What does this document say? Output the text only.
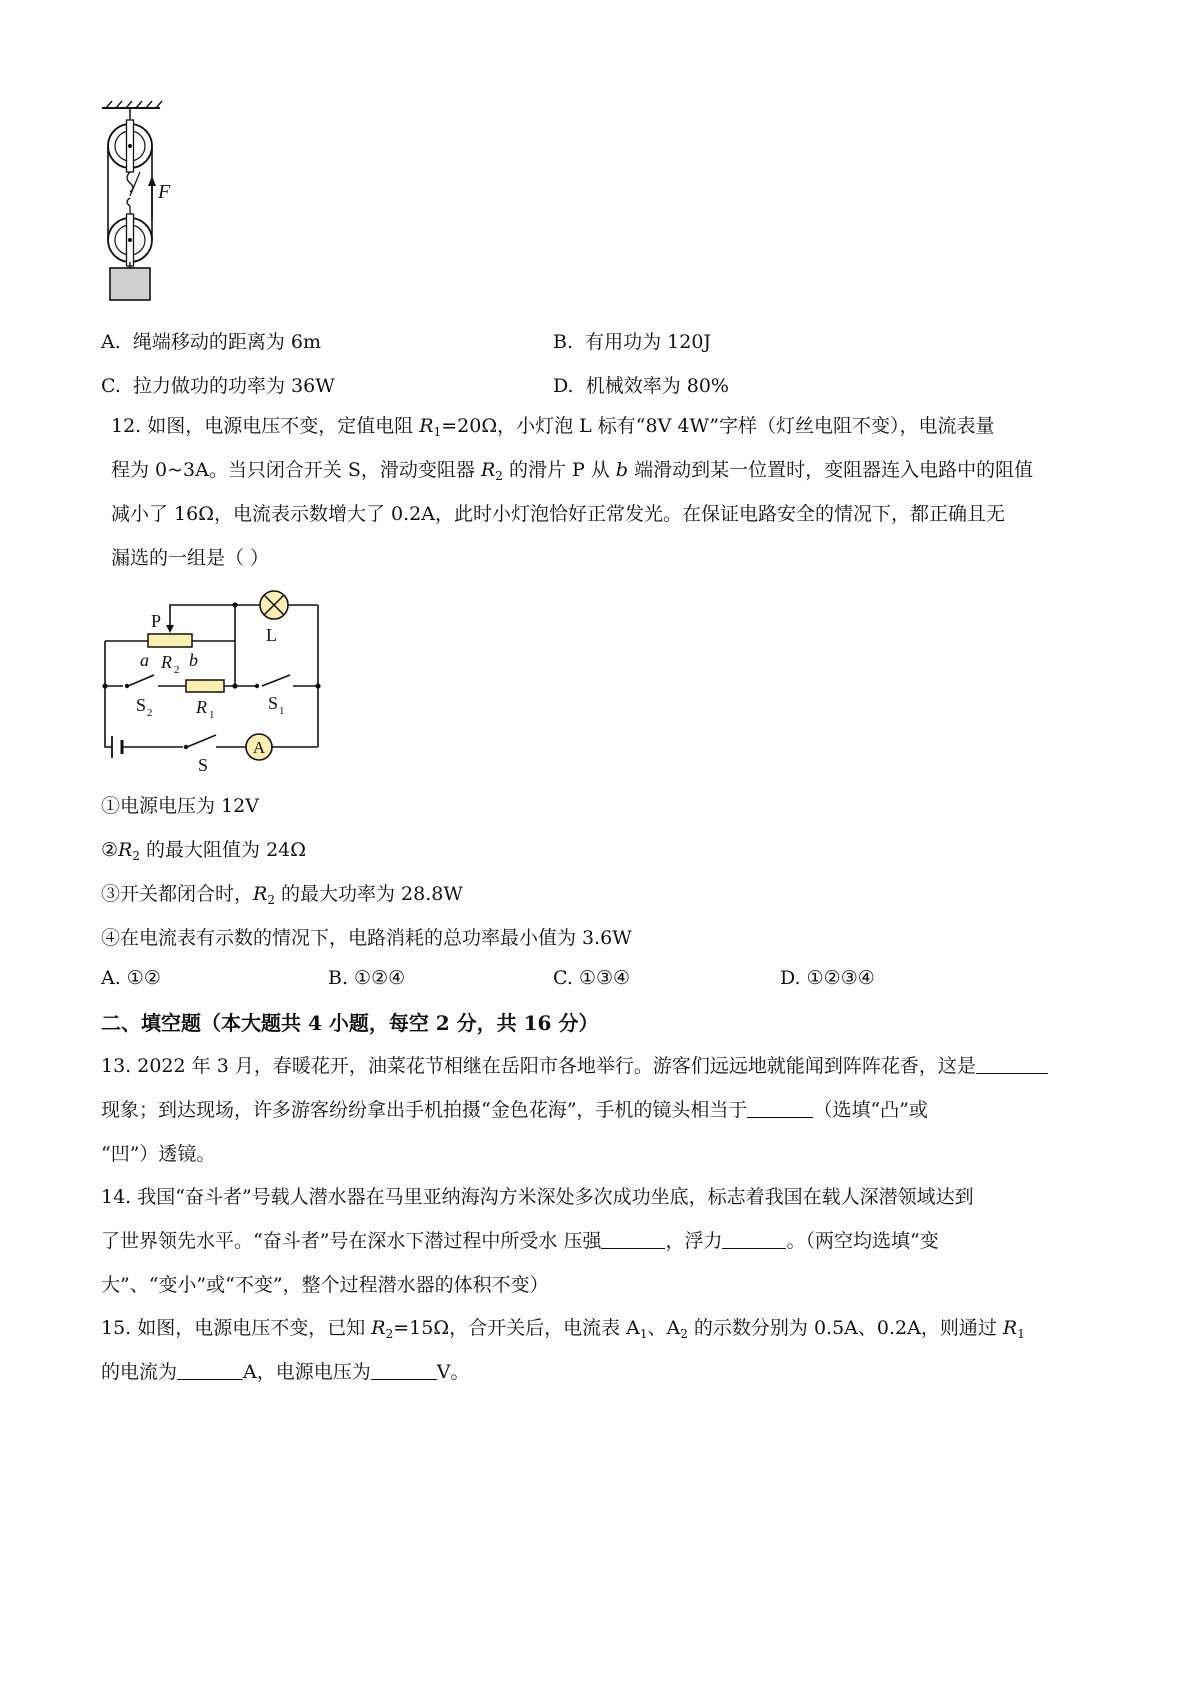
F
A. 绳端移动的距离为 6m	B. 有用功为 120J
C. 拉力做功的功率为 36W	D. 机械效率为 80%
12. 如图，电源电压不变，定值电阻 $R_1=20\Omega$，小灯泡 L 标有“8V 4W”字样（灯丝电阻不变），电流表量
程为 0~3A。当只闭合开关 S，滑动变阻器 $R_2$ 的滑片 P 从 b 端滑动到某一位置时，变阻器连入电路中的阻值
减小了 16Ω，电流表示数增大了 0.2A，此时小灯泡恰好正常发光。在保证电路安全的情况下，都正确且无
漏选的一组是（ ）
A
P
a b
R 2
L
S 2 R 1
S 1
S
①电源电压为 12V
$②R_2$ 的最大阻值为 24Ω
③开关都闭合时，$R_2$ 的最大功率为 28.8W
④在电流表有示数的情况下，电路消耗的总功率最小值为 3.6W
A. ①②	B. ①②④	C. ①③④	D. ①②③④
二、填空题（本大题共 4 小题，每空 2 分，共 16 分）
13. 2022 年 3 月，春暖花开，油菜花节相继在岳阳市各地举行。游客们远远地就能闻到阵阵花香，这是
现象；到达现场，许多游客纷纷拿出手机拍摄“金色花海”，手机的镜头相当于	（选填“凸”或
“凹”）透镜。
14. 我国“奋斗者”号载人潜水器在马里亚纳海沟方米深处多次成功坐底，标志着我国在载人深潜领域达到
了世界领先水平。“奋斗者”号在深水下潜过程中所受水 压强	，浮力	。（两空均选填“变
大”、“变小”或“不变”，整个过程潜水器的体积不变）
15. 如图，电源电压不变，已知 $R_2=15\Omega$，合开关后，电流表 $A_1$、$A_2$ 的示数分别为 0.5A、0.2A，则通过 $R_1$
的电流为	A，电源电压为	V。
